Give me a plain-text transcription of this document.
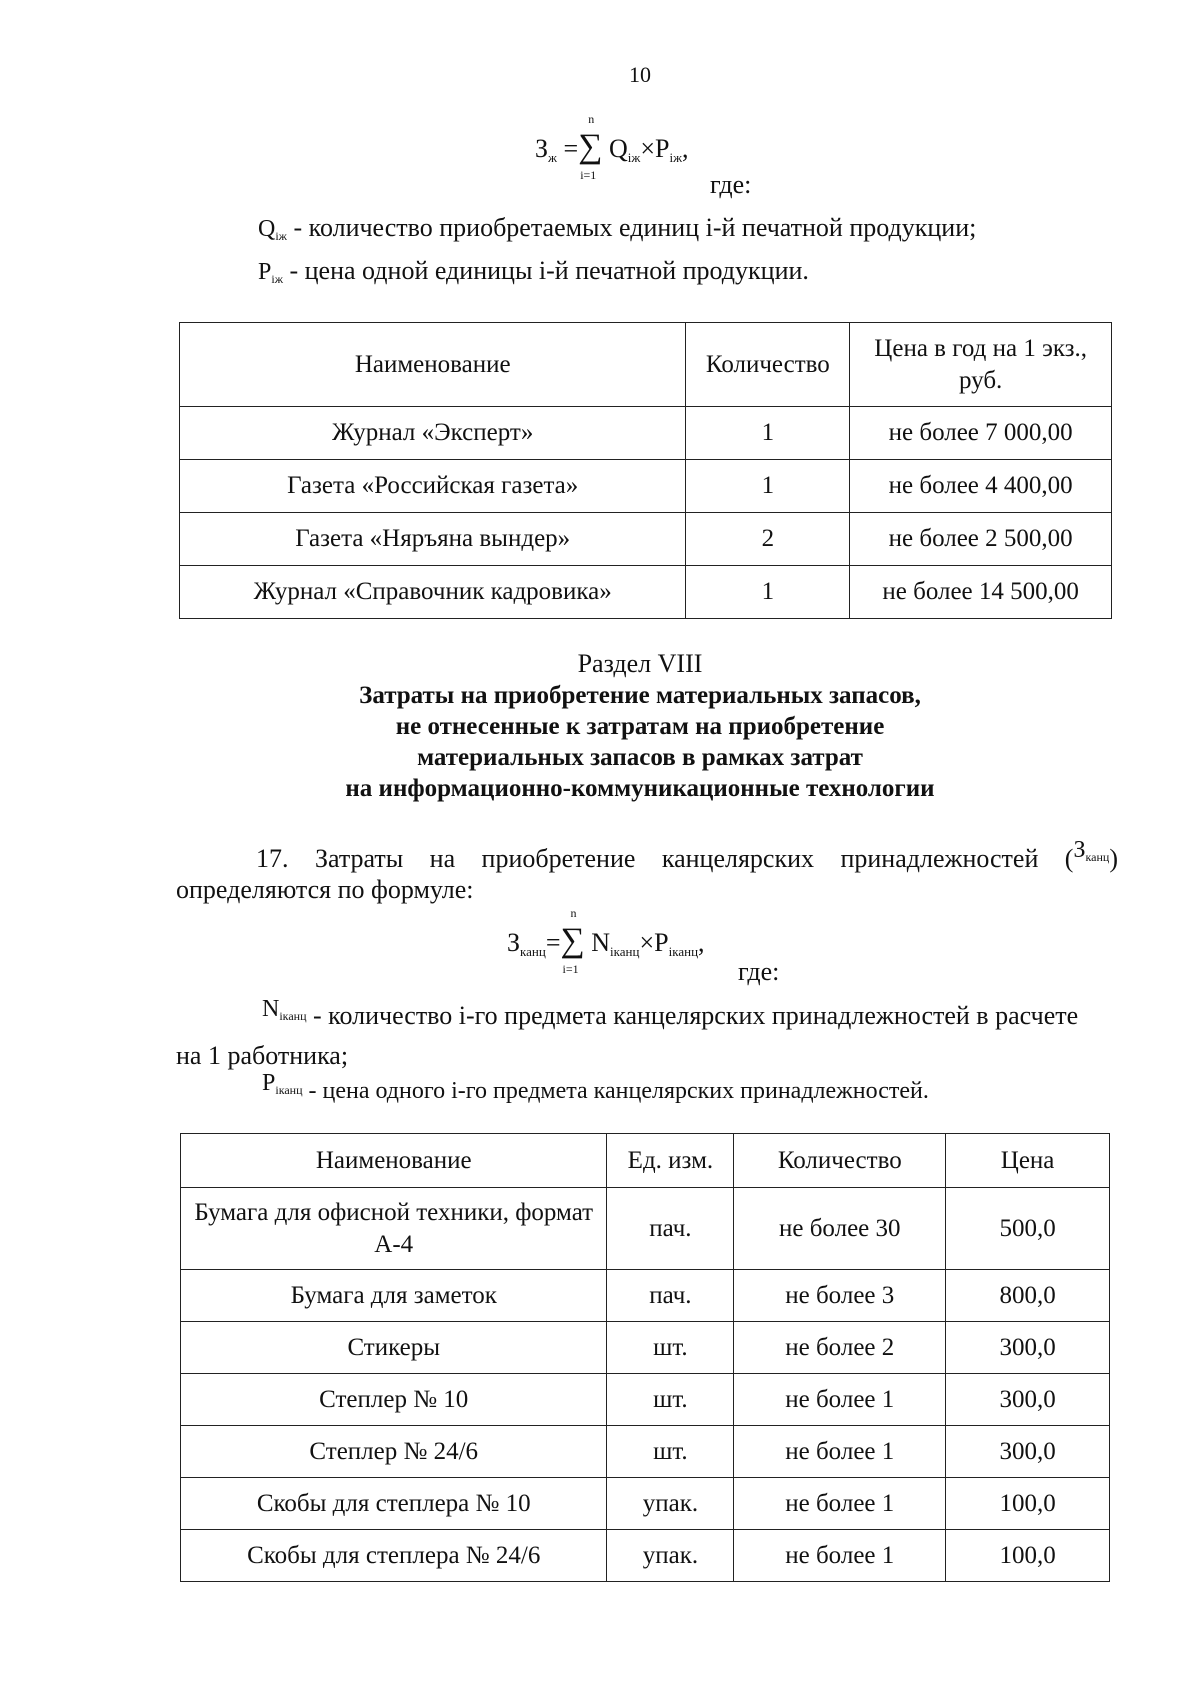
10
$З_ж$ =∑
n
i=1
$Q_{iж}\times P_{iж}$,
где:
$Q_{iж}$ - количество приобретаемых единиц i-й печатной продукции;
$P_{iж}$ - цена одной единицы i-й печатной продукции.
Наименование	Количество	Цена в год на 1 экз., руб.
Журнал «Эксперт»	1	не более 7 000,00
Газета «Российская газета»	1	не более 4 400,00
Газета «Няръяна вындер»	2	не более 2 500,00
Журнал «Справочник кадровика»	1	не более 14 500,00
Раздел VIII
Затраты на приобретение материальных запасов,
не отнесенные к затратам на приобретение
материальных запасов в рамках затрат
на информационно-коммуникационные технологии
17. Затраты на приобретение канцелярских принадлежностей $(З_{канц})$
определяются по формуле:
$З_{канц}=\sum$
n
i=1
$N_{iканц}\times P_{iканц}$,
где:
$N_{iканц}$ - количество i-го предмета канцелярских принадлежностей в расчете
на 1 работника;
$P_{iканц}$ - цена одного i-го предмета канцелярских принадлежностей.
Наименование	Ед. изм.	Количество	Цена
Бумага для офисной техники, формат А-4	пач.	не более 30	500,0
Бумага для заметок	пач.	не более 3	800,0
Стикеры	шт.	не более 2	300,0
Степлер № 10	шт.	не более 1	300,0
Степлер № 24/6	шт.	не более 1	300,0
Скобы для степлера № 10	упак.	не более 1	100,0
Скобы для степлера № 24/6	упак.	не более 1	100,0
